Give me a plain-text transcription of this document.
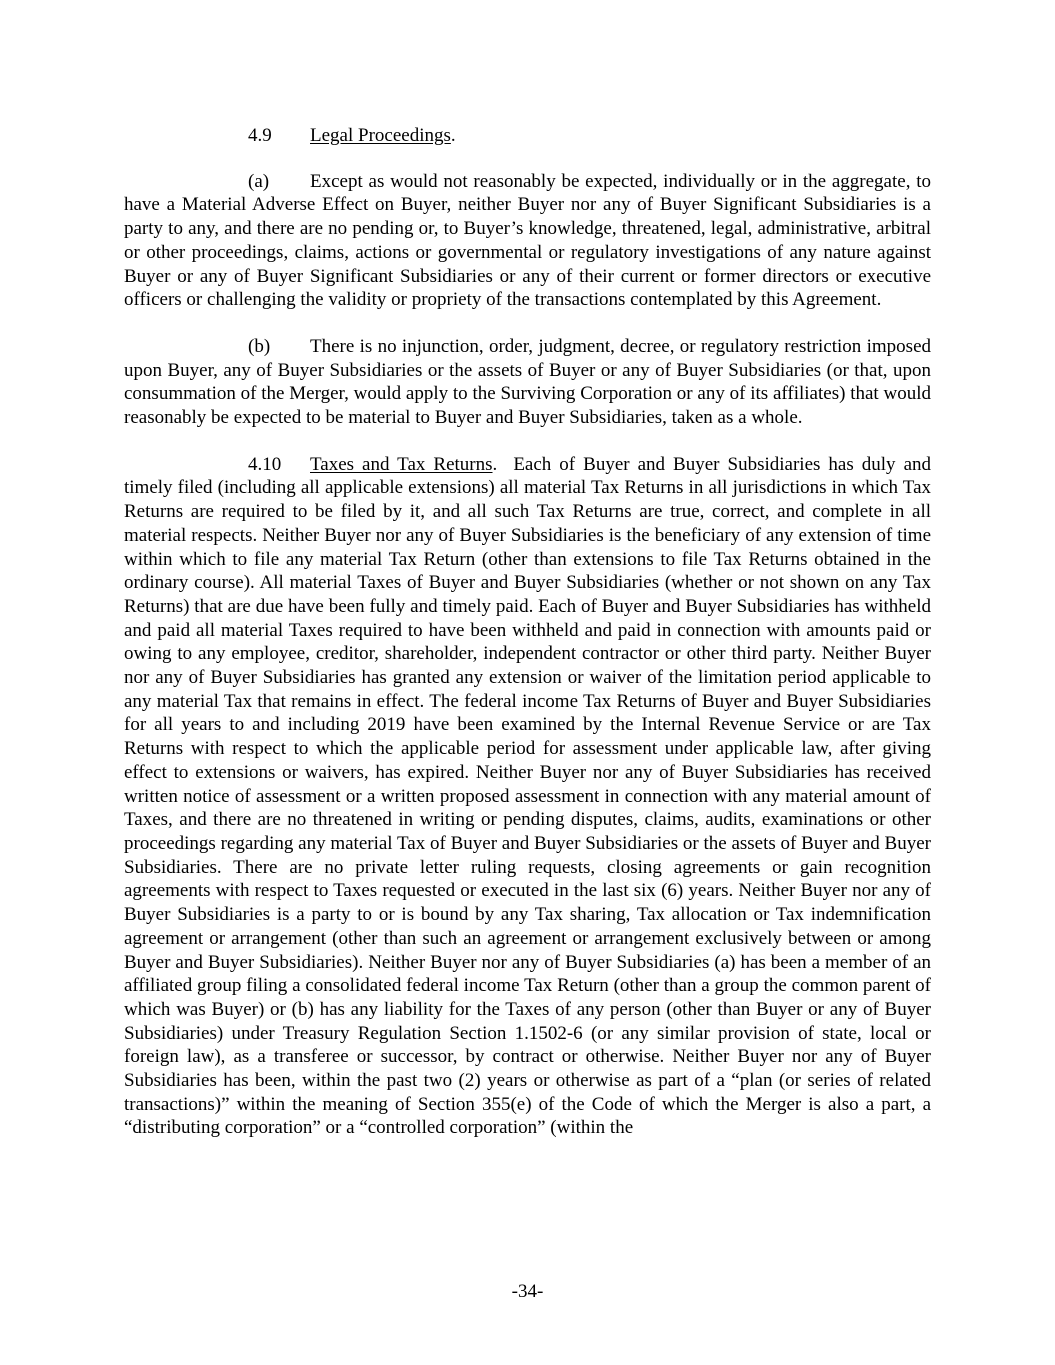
4.9 Legal Proceedings.

(a) Except as would not reasonably be expected, individually or in the aggregate, to have a Material Adverse Effect on Buyer, neither Buyer nor any of Buyer Significant Subsidiaries is a party to any, and there are no pending or, to Buyer’s knowledge, threatened, legal, administrative, arbitral or other proceedings, claims, actions or governmental or regulatory investigations of any nature against Buyer or any of Buyer Significant Subsidiaries or any of their current or former directors or executive officers or challenging the validity or propriety of the transactions contemplated by this Agreement.

(b) There is no injunction, order, judgment, decree, or regulatory restriction imposed upon Buyer, any of Buyer Subsidiaries or the assets of Buyer or any of Buyer Subsidiaries (or that, upon consummation of the Merger, would apply to the Surviving Corporation or any of its affiliates) that would reasonably be expected to be material to Buyer and Buyer Subsidiaries, taken as a whole.

4.10 Taxes and Tax Returns. Each of Buyer and Buyer Subsidiaries has duly and timely filed (including all applicable extensions) all material Tax Returns in all jurisdictions in which Tax Returns are required to be filed by it, and all such Tax Returns are true, correct, and complete in all material respects. Neither Buyer nor any of Buyer Subsidiaries is the beneficiary of any extension of time within which to file any material Tax Return (other than extensions to file Tax Returns obtained in the ordinary course). All material Taxes of Buyer and Buyer Subsidiaries (whether or not shown on any Tax Returns) that are due have been fully and timely paid. Each of Buyer and Buyer Subsidiaries has withheld and paid all material Taxes required to have been withheld and paid in connection with amounts paid or owing to any employee, creditor, shareholder, independent contractor or other third party. Neither Buyer nor any of Buyer Subsidiaries has granted any extension or waiver of the limitation period applicable to any material Tax that remains in effect. The federal income Tax Returns of Buyer and Buyer Subsidiaries for all years to and including 2019 have been examined by the Internal Revenue Service or are Tax Returns with respect to which the applicable period for assessment under applicable law, after giving effect to extensions or waivers, has expired. Neither Buyer nor any of Buyer Subsidiaries has received written notice of assessment or a written proposed assessment in connection with any material amount of Taxes, and there are no threatened in writing or pending disputes, claims, audits, examinations or other proceedings regarding any material Tax of Buyer and Buyer Subsidiaries or the assets of Buyer and Buyer Subsidiaries. There are no private letter ruling requests, closing agreements or gain recognition agreements with respect to Taxes requested or executed in the last six (6) years. Neither Buyer nor any of Buyer Subsidiaries is a party to or is bound by any Tax sharing, Tax allocation or Tax indemnification agreement or arrangement (other than such an agreement or arrangement exclusively between or among Buyer and Buyer Subsidiaries). Neither Buyer nor any of Buyer Subsidiaries (a) has been a member of an affiliated group filing a consolidated federal income Tax Return (other than a group the common parent of which was Buyer) or (b) has any liability for the Taxes of any person (other than Buyer or any of Buyer Subsidiaries) under Treasury Regulation Section 1.1502-6 (or any similar provision of state, local or foreign law), as a transferee or successor, by contract or otherwise. Neither Buyer nor any of Buyer Subsidiaries has been, within the past two (2) years or otherwise as part of a “plan (or series of related transactions)” within the meaning of Section 355(e) of the Code of which the Merger is also a part, a “distributing corporation” or a “controlled corporation” (within the

-34-
